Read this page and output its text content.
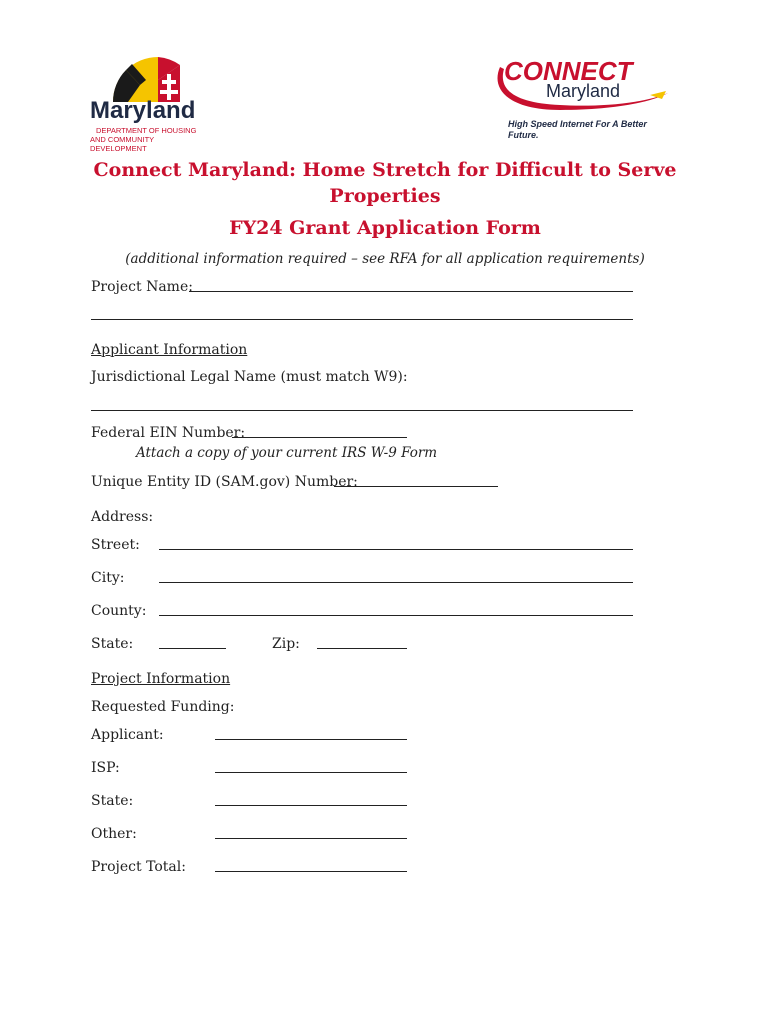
Maryland
DEPARTMENT OF HOUSING
AND COMMUNITY DEVELOPMENT
CONNECT
Maryland
High Speed Internet For A Better Future.
Connect Maryland: Home Stretch for Difficult to Serve
Properties
FY24 Grant Application Form
(additional information required – see RFA for all application requirements)
Project Name:
Applicant Information
Jurisdictional Legal Name (must match W9):
Federal EIN Number:
Attach a copy of your current IRS W-9 Form
Unique Entity ID (SAM.gov) Number:
Address:
Street:
City:
County:
State:	Zip:
Project Information
Requested Funding:
Applicant:
ISP:
State:
Other:
Project Total:
